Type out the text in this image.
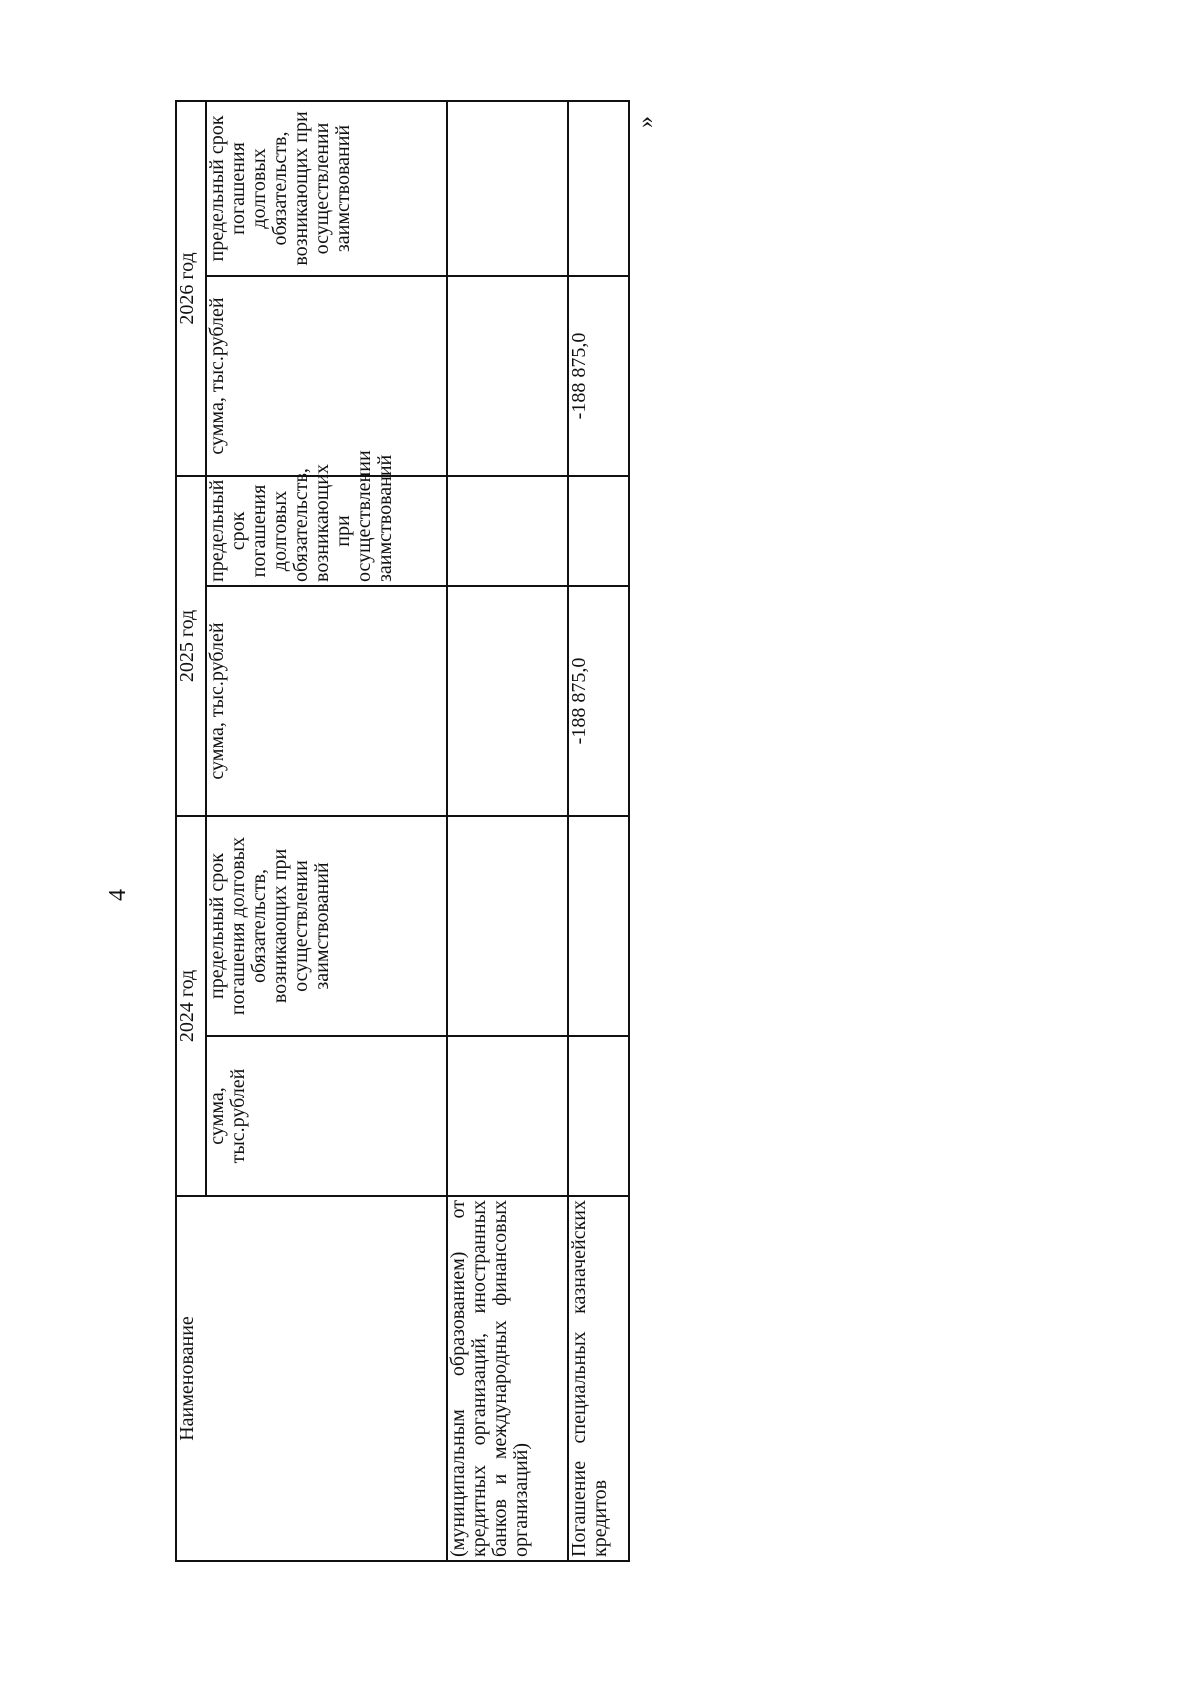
4
»
Наименование	2024 год		2025 год		2026 год	
	сумма, тыс.рублей	предельный срок погашения долговых обязательств, возникающих при осуществлении заимствований	сумма, тыс.рублей	предельный срок погашения долговых обязательств, возникающих при осуществлении заимствований	сумма, тыс.рублей	предельный срок погашения долговых обязательств, возникающих при осуществлении заимствований
(муниципальным образованием) от кредитных организаций, иностранных банков и международных финансовых организаций)						

Погашение специальных казначейских кредитов			-188 875,0		-188 875,0	
